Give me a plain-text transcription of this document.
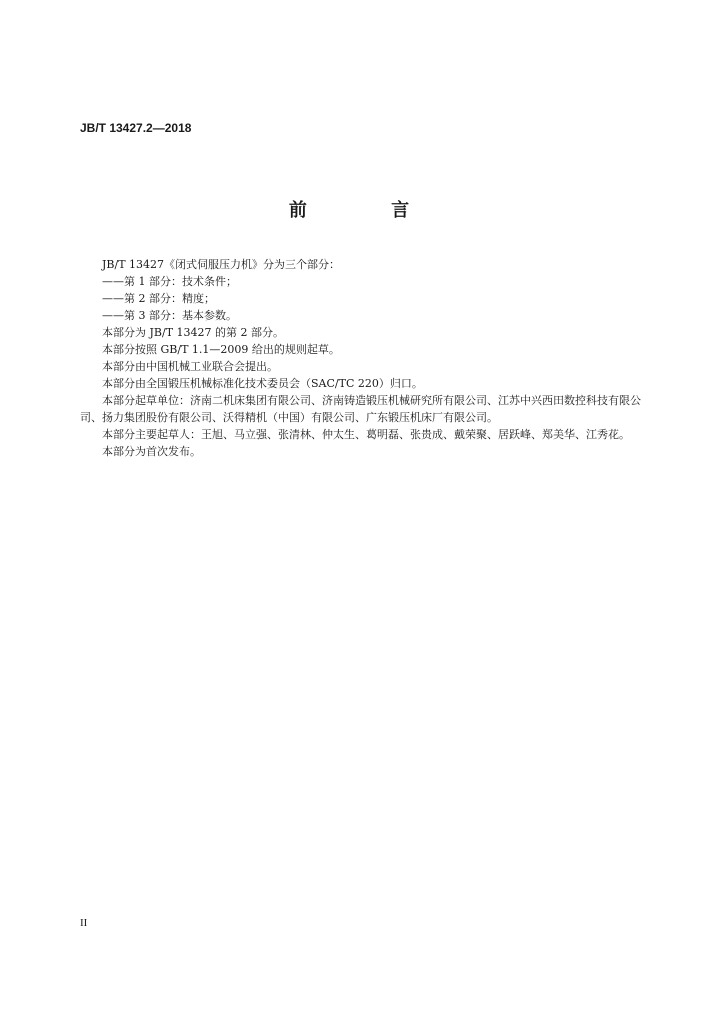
JB/T 13427.2—2018
前 言

JB/T 13427《闭式伺服压力机》分为三个部分：

——第 1 部分：技术条件；

——第 2 部分：精度；

——第 3 部分：基本参数。

本部分为 JB/T 13427 的第 2 部分。

本部分按照 GB/T 1.1—2009 给出的规则起草。

本部分由中国机械工业联合会提出。

本部分由全国锻压机械标准化技术委员会（SAC/TC 220）归口。

本部分起草单位：济南二机床集团有限公司、济南铸造锻压机械研究所有限公司、江苏中兴西田数控科技有限公司、扬力集团股份有限公司、沃得精机（中国）有限公司、广东锻压机床厂有限公司。

本部分主要起草人：王旭、马立强、张清林、仲太生、葛明磊、张贵成、戴荣聚、居跃峰、郑美华、江秀花。

本部分为首次发布。

II
